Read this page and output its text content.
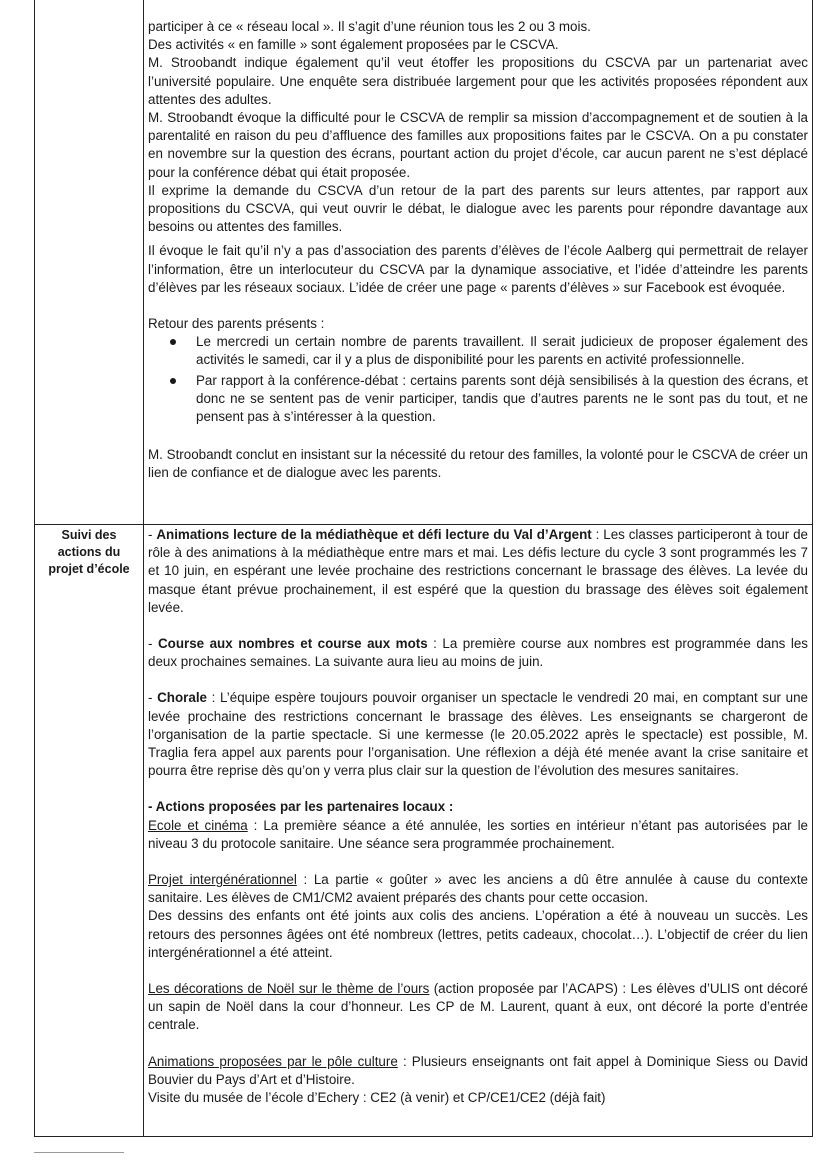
Suivi des
actions du
projet d’école

participer à ce « réseau local ». Il s’agit d’une réunion tous les 2 ou 3 mois.

Des activités « en famille » sont également proposées par le CSCVA.

M. Stroobandt indique également qu’il veut étoffer les propositions du CSCVA par un partenariat avec l’université populaire. Une enquête sera distribuée largement pour que les activités proposées répondent aux attentes des adultes.

M. Stroobandt évoque la difficulté pour le CSCVA de remplir sa mission d’accompagnement et de soutien à la parentalité en raison du peu d’affluence des familles aux propositions faites par le CSCVA. On a pu constater en novembre sur la question des écrans, pourtant action du projet d’école, car aucun parent ne s’est déplacé pour la conférence débat qui était proposée.

Il exprime la demande du CSCVA d’un retour de la part des parents sur leurs attentes, par rapport aux propositions du CSCVA, qui veut ouvrir le débat, le dialogue avec les parents pour répondre davantage aux besoins ou attentes des familles.

Il évoque le fait qu’il n’y a pas d’association des parents d’élèves de l’école Aalberg qui permettrait de relayer l’information, être un interlocuteur du CSCVA par la dynamique associative, et l’idée d’atteindre les parents d’élèves par les réseaux sociaux. L’idée de créer une page « parents d’élèves » sur Facebook est évoquée.

Retour des parents présents :

Le mercredi un certain nombre de parents travaillent. Il serait judicieux de proposer également des activités le samedi, car il y a plus de disponibilité pour les parents en activité professionnelle.
Par rapport à la conférence-débat : certains parents sont déjà sensibilisés à la question des écrans, et donc ne se sentent pas de venir participer, tandis que d’autres parents ne le sont pas du tout, et ne pensent pas à s’intéresser à la question.

M. Stroobandt conclut en insistant sur la nécessité du retour des familles, la volonté pour le CSCVA de créer un lien de confiance et de dialogue avec les parents.

- Animations lecture de la médiathèque et défi lecture du Val d’Argent : Les classes participeront à tour de rôle à des animations à la médiathèque entre mars et mai. Les défis lecture du cycle 3 sont programmés les 7 et 10 juin, en espérant une levée prochaine des restrictions concernant le brassage des élèves. La levée du masque étant prévue prochainement, il est espéré que la question du brassage des élèves soit également levée.

- Course aux nombres et course aux mots : La première course aux nombres est programmée dans les deux prochaines semaines. La suivante aura lieu au moins de juin.

- Chorale : L’équipe espère toujours pouvoir organiser un spectacle le vendredi 20 mai, en comptant sur une levée prochaine des restrictions concernant le brassage des élèves. Les enseignants se chargeront de l’organisation de la partie spectacle. Si une kermesse (le 20.05.2022 après le spectacle) est possible, M. Traglia fera appel aux parents pour l’organisation. Une réflexion a déjà été menée avant la crise sanitaire et pourra être reprise dès qu’on y verra plus clair sur la question de l’évolution des mesures sanitaires.

- Actions proposées par les partenaires locaux :

Ecole et cinéma : La première séance a été annulée, les sorties en intérieur n’étant pas autorisées par le niveau 3 du protocole sanitaire. Une séance sera programmée prochainement.

Projet intergénérationnel : La partie « goûter » avec les anciens a dû être annulée à cause du contexte sanitaire. Les élèves de CM1/CM2 avaient préparés des chants pour cette occasion.

Des dessins des enfants ont été joints aux colis des anciens. L’opération a été à nouveau un succès. Les retours des personnes âgées ont été nombreux (lettres, petits cadeaux, chocolat…). L’objectif de créer du lien intergénérationnel a été atteint.

Les décorations de Noël sur le thème de l’ours (action proposée par l’ACAPS) : Les élèves d’ULIS ont décoré un sapin de Noël dans la cour d’honneur. Les CP de M. Laurent, quant à eux, ont décoré la porte d’entrée centrale.

Animations proposées par le pôle culture : Plusieurs enseignants ont fait appel à Dominique Siess ou David Bouvier du Pays d’Art et d’Histoire.

Visite du musée de l’école d’Echery : CE2 (à venir) et CP/CE1/CE2 (déjà fait)
